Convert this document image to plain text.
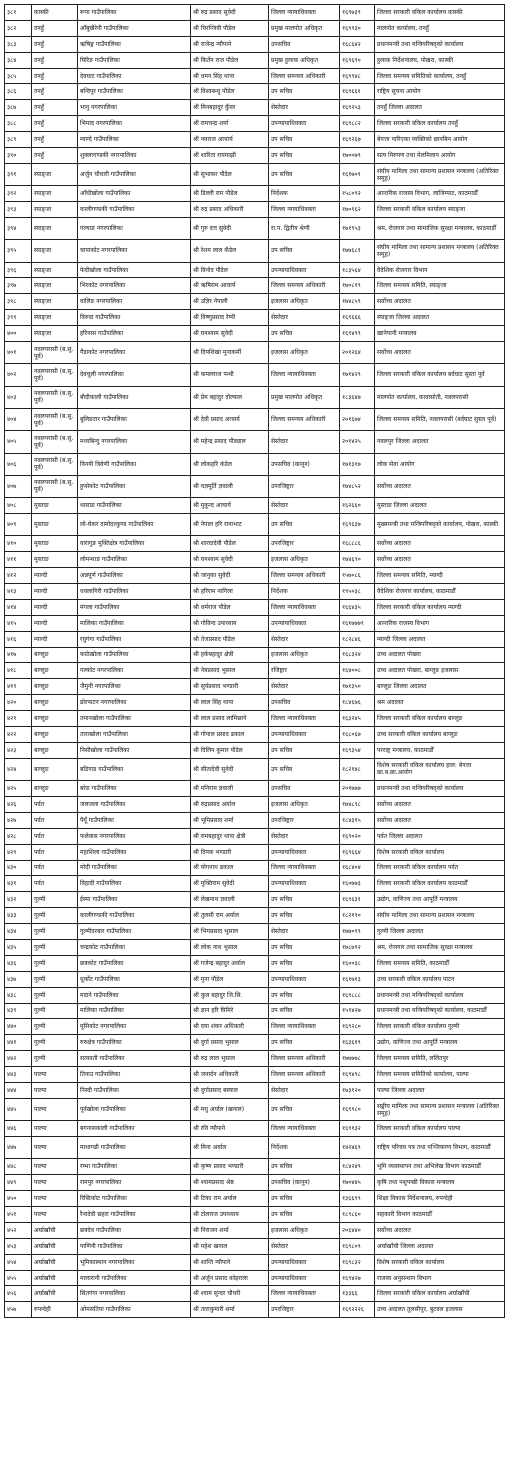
३८१	कास्की	रूपा गाउँपालिका	श्री रुद्र प्रसाद सुवेदी	जिल्ला न्यायाधिवक्ता	१६९७३९	जिल्ला सरकारी वकिल कार्यालय कास्की
३८२	तनहुँ	आँबुखैरेनी गाउँपालिका	श्री चिरन्जिवी पौडेल	प्रमुख मालपोत अधिकृत	१६९९३०	मालपोत कार्यालय, तनहुँ
३८३	तनहुँ	ऋषिङ्ग गाउँपालिका	श्री राजेन्द्र न्यौपाने	उपसचिव	१६८६४२	प्रधानमन्त्री तथा मन्त्रिपरिषद्को कार्यालय
३८४	तनहुँ	घिरिङ गाउँपालिका	श्री किर्तेन राज पौडेल	प्रमुख हुलाक अधिकृत	१६९६९०	हुलाक निर्देशनालय, पोखरा, कास्की
३८५	तनहुँ	देवघाट गाउँपालिका	श्री धमन सिंह थापा	जिल्ला समन्वय अधिकारी	१६९९४८	जिल्ला समन्वय समितिको कार्यालय, तनहुँ
३८६	तनहुँ	बन्दिपुर गाउँपालिका	श्री विश्वबन्धु पौडेल	उप सचिव	१६९६६१	राष्ट्रिय सूचना आयोग
३८७	तनहुँ	भानु नगरपालिका	श्री मिनबहादुर कुँवर	सेस्तेदार	१६९२५३	तनहुँ जिल्ला अदालत
३८८	तनहुँ	भिमाद नगरपालिका	श्री रामचन्द्र शर्मा	उपन्यायाधिवक्ता	१६९८८२	जिल्ला सरकारी वकिल कार्यालय तनहुँ
३८९	तनहुँ	म्याग्दे गाउँपालिका	श्री नवराज आचार्य	उप सचिव	१६९२६७	बेपत्ता पारिएका व्यक्तिको छानबिन आयोग
३९०	तनहुँ	शुक्लागण्डकी नगरपालिका	श्री शारिता रायमाझी	उप सचिव	१७००७९	सत्य निरुपण तथा मेलमिलाप आयोग
३९१	स्याङ्जा	अर्जुन चौधारी गाउँपालिका	श्री सुभाकर पौडेल	उप सचिव	१६१७०१	संघीय मामिला तथा सामान्य प्रशासन मन्त्रालय (अतिरिक्त समूह)
३९२	स्याङ्जा	आँधीखोला गाउँपालिका	श्री डिल्ली राम पौडेल	निर्देशक	१५८०९२	आन्तरिक राजस्व विभाग, लाजिम्पाट, काठमाडौँ
३९३	स्याङ्जा	कालीगण्डकी गाउँपालिका	श्री रुद्र प्रसाद अधिकारी	जिल्ला न्यायाधिवक्ता	१७०९६२	जिल्ला सरकारी वकिल कार्यालय स्याङ्जा
३९४	स्याङ्जा	गल्याङ नगरपालिका	श्री गुरु दत्त सुवेदी	रा.प. द्वितीय श्रेणी	१७१९५३	श्रम, रोजगार तथा सामाजिक सुरक्षा मन्त्रालय, काठमाडौँ
३९५	स्याङ्जा	चापाकोट नगरपालिका	श्री रेशम लाल कँडेल	उप सचिव	१७७६८१	संघीय मामिला तथा सामान्य प्रशासन मन्त्रालय (अतिरिक्त समूह)
३९६	स्याङ्जा	फेदीखोला गाउँपालिका	श्री विनोद पौडेल	उपन्यायाधिवक्ता	१८३५६४	वैदेशिक रोजगार विभाग
३९७	स्याङ्जा	भिरकोट नगरपालिका	श्री ऋषिराम आचार्य	जिल्ला समन्वय अधिकारी	१७०८१९	जिल्ला समन्वय समिति, स्याङ्जा
३९८	स्याङ्जा	वालिङ नगरपालिका	श्री उज्ञिर नेपाली	इजलास अधिकृत	१७४८५९	सर्वोच्च अदालत
३९९	स्याङ्जा	विरुवा गाउँपालिका	श्री विष्णुप्रसाद रेग्मी	सेस्तेदार	१६९६६६	स्याङ्जा जिल्ला अदालत
४००	स्याङ्जा	हरिनास गाउँपालिका	श्री घनश्याम सुवेदी	उप सचिव	१६९४९९	खानेपानी मन्त्रालय
४०१	नवलपरासी (ब.सु. पूर्व)	गैंडाकोट नगरपालिका	श्री दिपशिखा मुनाकर्मी	इजलास अधिकृत	२०१२६४	सर्वोच्च अदालत
४०२	नवलपरासी (ब.सु. पूर्व)	देवचुली नगरपालिका	श्री कमलराज पन्थी	जिल्ला न्यायाधिवक्ता	१७१४२९	जिल्ला सरकारी वकिल कार्यालय बर्दघाट सुस्ता पूर्व
४०३	नवलपरासी (ब.सु. पूर्व)	बौदीकाली गाउँपालिका	श्री प्रेम बहादुर दोल्याल	प्रमुख मालपोत अधिकृत	१८३६४७	मालपोत कार्यालय, कावासोती, नवलपरासी
४०४	नवलपरासी (ब.सु. पूर्व)	बुलिङटार गाउँपालिका	श्री देवी प्रसाद आचार्य	जिल्ला समन्वय अधिकारी	२०१६७४	जिल्ला समन्वय समिति, नवलपरासी (बर्दघाट सुस्ता पूर्व)
४०५	नवलपरासी (ब.सु. पूर्व)	मध्यबिन्दु नगरपालिका	श्री महेन्द्र प्रसाद पौड्याल	सेस्तेदार	२०१४२५	नवलपुर जिल्ला अदालत
४०६	नवलपरासी (ब.सु. पूर्व)	विनयी त्रिवेणी गाउँपालिका	श्री लोकहरि कंडेल	उपसचिव (कानून)	१७१३१७	लोक सेवा आयोग
४०७	नवलपरासी (ब.सु. पूर्व)	हुप्सेकोट गाउँपालिका	श्री यज्ञमूर्ति ज्ञवाली	उपरजिष्ट्रार	१७४८५२	सर्वोच्च अदालत
४०८	मुस्ताङ	थासाङ गाउँपालिका	श्री मुकुन्द आचार्य	सेस्तेदार	१६२६६०	मुस्ताङ जिल्ला अदालत
४०९	मुस्ताङ	लो-घेकर दामोदरकुण्ड गाउँपालिका	श्री नेपाल हरि रानाभाट	उप सचिव	१६९६३७	मुख्यमन्त्री तथा मन्त्रिपरिषद्को कार्यालय, पोखरा, कास्की
४१०	मुस्ताङ	वारागुङ मुक्तिक्षेत्र गाउँपालिका	श्री शारदादेवी पौडेल	उपरजिष्ट्रार	१६८८८६	सर्वोच्च अदालत
४११	मुस्ताङ	लोमन्थाङ गाउँपालिका	श्री घनश्याम सुवेदी	इजलास अधिकृत	१७४६९०	सर्वोच्च अदालत
४१२	म्याग्दी	अन्नपूर्ण गाउँपालिका	श्री जानुका सुवेदी	जिल्ला समन्वय अधिकारी	१५७०८६	जिल्ला समन्वय समिति, म्याग्दी
४१३	म्याग्दी	धवलागिरी गाउँपालिका	श्री हरिराम नागिला	निर्देशक	१९५०३८	वैदेशिक रोजगार कार्यालय, काठमाडौँ
४१४	म्याग्दी	मंगला गाउँपालिका	श्री धर्मराज पौडेल	जिल्ला न्यायाधिवक्ता	१६६४३५	जिल्ला सरकारी वकिल कार्यालय म्याग्दी
४१५	म्याग्दी	मालिका गाउँपालिका	श्री गोविन्द उपाध्याय	उपन्यायाधिवक्ता	१६१७७७९	आन्तरिक राजस्व विभाग
४१६	म्याग्दी	रघुगंगा गाउँपालिका	श्री तेजप्रसाद पौडेल	सेस्तेदार	१८२८४६	म्याग्दी जिल्ला अदालत
४१७	बाग्लुङ	काठेखोला गाउँपालिका	श्री हर्कबहादुर क्षेत्री	इजलास अधिकृत	१६८३२४	उच्च अदालत पोखरा
४१८	बाग्लुङ	गल्कोट नगरपालिका	श्री नेत्रप्रसाद भुसाल	रजिष्ट्रार	१६४००८	उच्च अदालत पोखरा, बाग्लुङ इजलास
४१९	बाग्लुङ	जैमुनी नगरपालिका	श्री सुर्यप्रसाद भण्डारी	सेस्तेदार	१७१३५०	बाग्लुङ जिल्ला अदालत
४२०	बाग्लुङ	ढोरपाटन नगरपालिका	श्री लाल सिंह थापा	उपसचिव	१८४६७६	श्रम अदालत
४२१	बाग्लुङ	तमानखोला गाउँपालिका	श्री लाल प्रसाद लामिछाने	जिल्ला न्यायाधिवक्ता	१६३२४५	जिल्ला सरकारी वकिल कार्यालय बाग्लुङ
४२२	बाग्लुङ	ताराखोला गाउँपालिका	श्री गोपाल प्रसाद ढकाल	उपन्यायाधिवक्ता	१६८०६७	उच्च सरकारी वकिल कार्यालय बाग्लुङ
४२३	बाग्लुङ	निसीखोला गाउँपालिका	श्री दिलिप कुमार पौडेल	उप सचिव	१६९३५४	परराष्ट्र मन्त्रालय, काठमाडौँ
४२४	बाग्लुङ	बडिगाड गाउँपालिका	श्री सीतादेवी सुवेदी	उप सचिव	१८२१४८	विशेष सरकारी वकिल कार्यालय हाल: बेपत्ता छा.ब.छा.आयोग
४२५	बाग्लुङ	बरेङ गाउँपालिका	श्री मनिराम ज्ञवाली	उपसचिव	२०१७७७	प्रधानमन्त्री तथा मन्त्रिपरिषद्को कार्यालय
४२६	पर्वत	जलजला गाउँपालिका	श्री रुद्रप्रसाद अर्याल	इजलास अधिकृत	१७४८९८	सर्वोच्च अदालत
४२७	पर्वत	पैयूँ गाउँपालिका	श्री भूमिप्रसाद शर्मा	उपरजिष्ट्रार	१८४३१५	सर्वोच्च अदालत
४२८	पर्वत	फलेवास नगरपालिका	श्री रामबहादुर थापा क्षेत्री	सेस्तेदार	१६९०२०	पर्वत जिल्ला अदालत
४२९	पर्वत	महाशिला गाउँपालिका	श्री दिपक भण्डारी	उपन्यायाधिवक्ता	१६९६६४	विशेष सरकारी वकिल कार्यालय
४३०	पर्वत	मोदी गाउँपालिका	श्री योगनाथ ढकाल	जिल्ला न्यायाधिवक्ता	१६८४०४	जिल्ला सरकारी वकिल कार्यालय पर्वत
४३१	पर्वत	विहादी गाउँपालिका	श्री मुक्तिराम सुवेदी	उपन्यायाधिवक्ता	१६०७७३	जिल्ला सरकारी वकिल कार्यालय काठमाडौँ
४३२	गुल्मी	ईस्मा गाउँपालिका	श्री लेखनाथ ज्ञवाली	उप सचिव	१६९६३१	उद्योग, वाणिज्य तथा आपूर्ति मन्त्रालय
४३३	गुल्मी	कालीगण्डकी गाउँपालिका	श्री तुलसी राम अर्याल	उप सचिव	१८२१९०	संघीय मामिला तथा सामान्य प्रशासन मन्त्रालय
४३४	गुल्मी	गुल्मीदरबार गाउँपालिका	श्री भिमप्रसाद भुसाल	सेस्तेदार	१७७०९९	गुल्मी जिल्ला अदालत
४३५	गुल्मी	चन्द्रकोट गाउँपालिका	श्री लोक नाथ भुसाल	उप सचिव	१७८७९२	श्रम, रोजगार तथा सामाजिक सुरक्षा मन्त्रालय
४३६	गुल्मी	छत्रकोट गाउँपालिका	श्री गजेन्द्र बहादुर अर्याल	उप सचिव	१६००३८	जिल्ला समन्वय समिति, काठमाडौँ
४३७	गुल्मी	धुर्कोट गाउँपालिका	श्री मुना पौडेल	उपन्यायाधिवक्ता	१६१७१३	उच्च सरकारी वकिल कार्यालय पाटन
४३८	गुल्मी	मदाने गाउँपालिका	श्री कुल बहादुर जि.सि.	उप सचिव	१६९८८८	प्रधानमन्त्री तथा मन्त्रिपरिषद्को कार्यालय
४३९	गुल्मी	मालिका गाउँपालिका	श्री ज्ञान हरि घिमिरे	उप सचिव	१५९४२७	प्रधानमन्त्री तथा मन्त्रिपरिषद्को कार्यालय, काठमाडौँ
४४०	गुल्मी	मुसिकोट नगरपालिका	श्री दया शंकर अधिकारी	जिल्ला न्यायाधिवक्ता	१६९२८०	जिल्ला सरकारी वकिल कार्यालय गुल्मी
४४१	गुल्मी	रुरुक्षेत्र गाउँपालिका	श्री दुर्गा प्रसाद भुसाल	उप सचिव	१६३६१९	उद्योग, वाणिज्य तथा आपूर्ति मन्त्रालय
४४२	गुल्मी	सत्यवती गाउँपालिका	श्री रुद्र लाल भुसाल	जिल्ला समन्वय अधिकारी	१७७७७८	जिल्ला समन्वय समिति, ललितपुर
४४३	पाल्पा	तिनाउ गाउँपालिका	श्री जनार्दन अधिकारी	जिल्ला समन्वय अधिकारी	१६९४९८	जिल्ला समन्वय समितिको कार्यालय, पाल्पा
४४४	पाल्पा	निस्दी गाउँपालिका	श्री दुर्गाप्रसाद बस्याल	सेस्तेदार	१७३१२०	पाल्पा जिल्ला अदालत
४४५	पाल्पा	पूर्वखोला गाउँपालिका	श्री मधु अर्याल (खनाल)	उप सचिव	१६९९८०	सङ्घीय मामिला तथा सामान्य प्रशासन मन्त्रालय (अतिरिक्त समूह)
४४६	पाल्पा	बगनासकाली गाउँपालिका	श्री रवि न्यौपाने	जिल्ला न्यायाधिवक्ता	१६९१३२	जिल्ला सरकारी वकिल कार्यालय पाल्पा
४४७	पाल्पा	माथागढी गाउँपालिका	श्री मिना अर्याल	निर्देशक	१४२४६९	राष्ट्रिय परिचय पत्र तथा पञ्जिकरण विभाग, काठमाडौँ
४४८	पाल्पा	रम्भा गाउँपालिका	श्री कृष्ण प्रसाद भण्डारी	उप सचिव	१८४२४९	भूमि व्यवस्थापन तथा अभिलेख विभाग काठमाडौँ
४४९	पाल्पा	रामपुर नगरपालिका	श्री श्यामप्रसाद श्रेष्ठ	उपसचिव (कानून)	१७०४४५	कृषि तथा पशुपन्छी विकास मन्त्रालय
४५०	पाल्पा	रिब्दिकोट गाउँपालिका	श्री टिका राम अर्याल	उप सचिव	१३६६९९	शिक्षा विकास निर्देशनालय, रुपन्देही
४५१	पाल्पा	रैनादेवी छहरा गाउँपालिका	श्री टोलराज उपाध्याय	उप सचिव	१८९८६०	सहकारी विभाग काठमाडौँ
४५२	अर्घाखाँची	छत्रदेव गाउँपालिका	श्री निराजन शर्मा	इजलास अधिकृत	२०६४४०	सर्वोच्च अदालत
४५३	अर्घाखाँची	पाणिनी गाउँपालिका	श्री महेश खनाल	सेस्तेदार	१६९८०९	अर्घाखाँची जिल्ला अदालत
४५४	अर्घाखाँची	भूमिकास्थान नगरपालिका	श्री शान्ति न्यौपाने	उपन्यायाधिवक्ता	१६९८३२	विशेष सरकारी वकिल कार्यालय
४५५	अर्घाखाँची	मालारानी गाउँपालिका	श्री अर्जुन प्रसाद कोइराला	उपन्यायाधिवक्ता	१६९४२७	राजस्व अनुसन्धान विभाग
४५६	अर्घाखाँची	सितगंगा नगरपालिका	श्री श्याम सुन्दर चौधरी	जिल्ला न्यायाधिवक्ता	१३३६६	जिल्ला सरकारी वकिल कार्यालय अर्घाखाँची
४५७	रुपन्देही	ओमसतिया गाउँपालिका	श्री ताराकुमारी शर्मा	उपरजिष्ट्रार	१६९२२२६	उच्च अदालत तुलसीपुर, बुटवल इजलास
